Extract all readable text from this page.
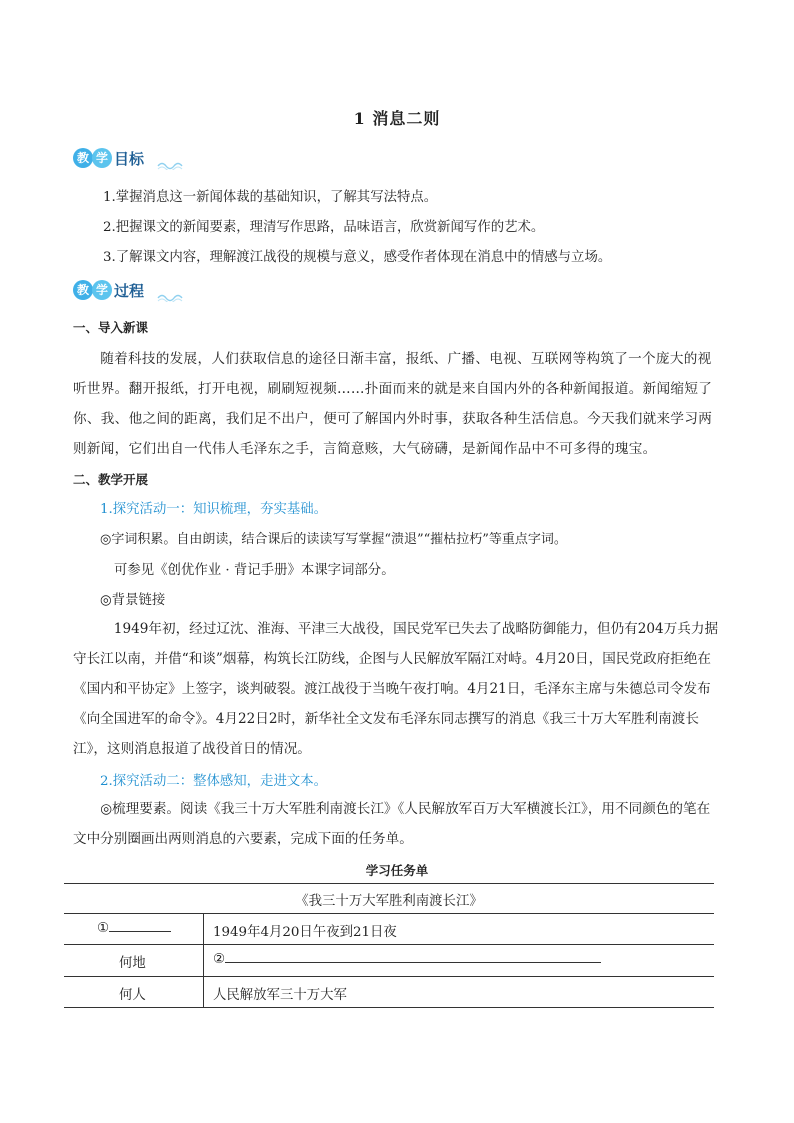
1 消息二则
教 学 目标
1.掌握消息这一新闻体裁的基础知识，了解其写法特点。
2.把握课文的新闻要素，理清写作思路，品味语言，欣赏新闻写作的艺术。
3.了解课文内容，理解渡江战役的规模与意义，感受作者体现在消息中的情感与立场。
教 学 过程
一、导入新课
随着科技的发展，人们获取信息的途径日渐丰富，报纸、广播、电视、互联网等构筑了一个庞大的视听世界。翻开报纸，打开电视，刷刷短视频……扑面而来的就是来自国内外的各种新闻报道。新闻缩短了你、我、他之间的距离，我们足不出户，便可了解国内外时事，获取各种生活信息。今天我们就来学习两则新闻，它们出自一代伟人毛泽东之手，言简意赅，大气磅礴，是新闻作品中不可多得的瑰宝。
二、教学开展
1.探究活动一：知识梳理，夯实基础。
◎字词积累。自由朗读，结合课后的读读写写掌握“溃退”“摧枯拉朽”等重点字词。
可参见《创优作业 · 背记手册》本课字词部分。
◎背景链接
1949年初，经过辽沈、淮海、平津三大战役，国民党军已失去了战略防御能力，但仍有204万兵力据守长江以南，并借“和谈”烟幕，构筑长江防线，企图与人民解放军隔江对峙。4月20日，国民党政府拒绝在《国内和平协定》上签字，谈判破裂。渡江战役于当晚午夜打响。4月21日，毛泽东主席与朱德总司令发布《向全国进军的命令》。4月22日2时，新华社全文发布毛泽东同志撰写的消息《我三十万大军胜利南渡长江》，这则消息报道了战役首日的情况。
2.探究活动二：整体感知，走进文本。
◎梳理要素。阅读《我三十万大军胜利南渡长江》《人民解放军百万大军横渡长江》，用不同颜色的笔在文中分别圈画出两则消息的六要素，完成下面的任务单。
学习任务单
《我三十万大军胜利南渡长江》
①	1949年4月20日午夜到21日夜
何地	②
何人	人民解放军三十万大军
